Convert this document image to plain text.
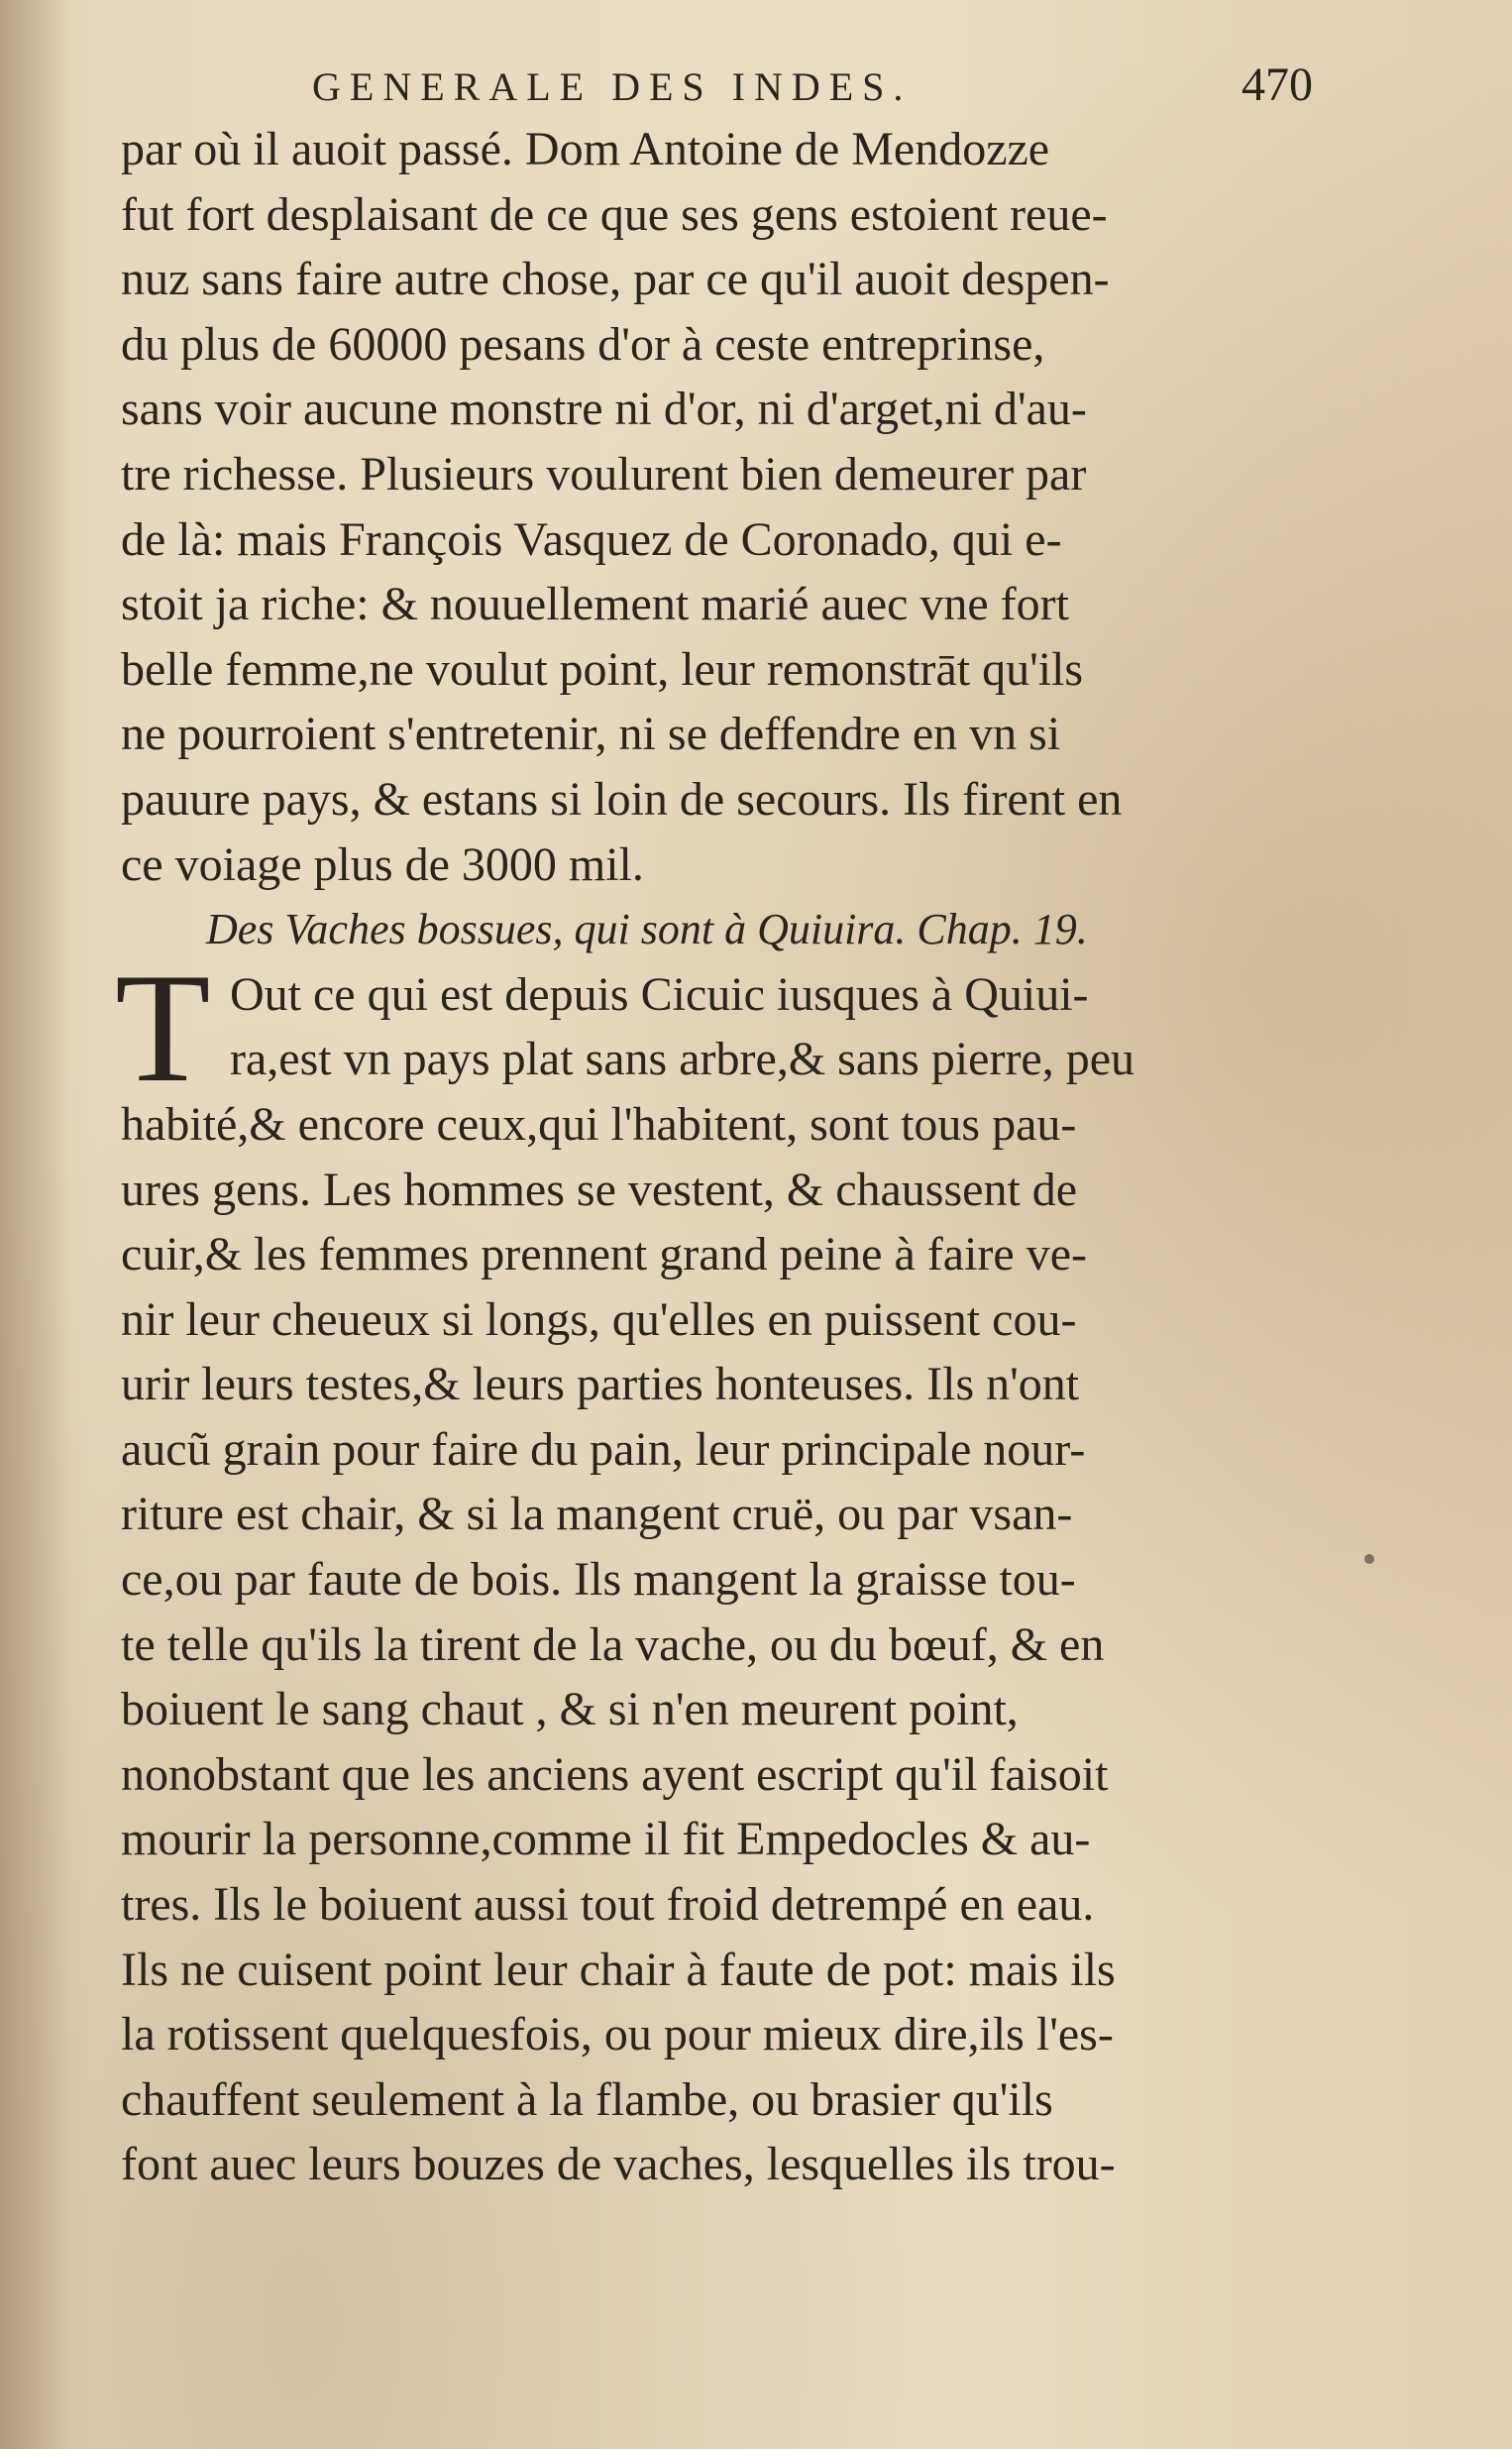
GENERALE DES INDES.	470
par où il auoit passé. Dom Antoine de Mendozze
fut fort desplaisant de ce que ses gens estoient reue-
nuz sans faire autre chose, par ce qu'il auoit despen-
du plus de 60000 pesans d'or à ceste entreprinse,
sans voir aucune monstre ni d'or, ni d'arget,ni d'au-
tre richesse. Plusieurs voulurent bien demeurer par
de là: mais François Vasquez de Coronado, qui e-
stoit ja riche: & nouuellement marié auec vne fort
belle femme,ne voulut point, leur remonstrāt qu'ils
ne pourroient s'entretenir, ni se deffendre en vn si
pauure pays, & estans si loin de secours. Ils firent en
ce voiage plus de 3000 mil.
Des Vaches bossues, qui sont à Quiuira. Chap. 19.
T Out ce qui est depuis Cicuic iusques à Quiui-
ra,est vn pays plat sans arbre,& sans pierre, peu
habité,& encore ceux,qui l'habitent, sont tous pau-
ures gens. Les hommes se vestent, & chaussent de
cuir,& les femmes prennent grand peine à faire ve-
nir leur cheueux si longs, qu'elles en puissent cou-
urir leurs testes,& leurs parties honteuses. Ils n'ont
aucũ grain pour faire du pain, leur principale nour-
riture est chair, & si la mangent cruë, ou par vsan-
ce,ou par faute de bois. Ils mangent la graisse tou-
te telle qu'ils la tirent de la vache, ou du bœuf, & en
boiuent le sang chaut , & si n'en meurent point,
nonobstant que les anciens ayent escript qu'il faisoit
mourir la personne,comme il fit Empedocles & au-
tres. Ils le boiuent aussi tout froid detrempé en eau.
Ils ne cuisent point leur chair à faute de pot: mais ils
la rotissent quelquesfois, ou pour mieux dire,ils l'es-
chauffent seulement à la flambe, ou brasier qu'ils
font auec leurs bouzes de vaches, lesquelles ils trou-
